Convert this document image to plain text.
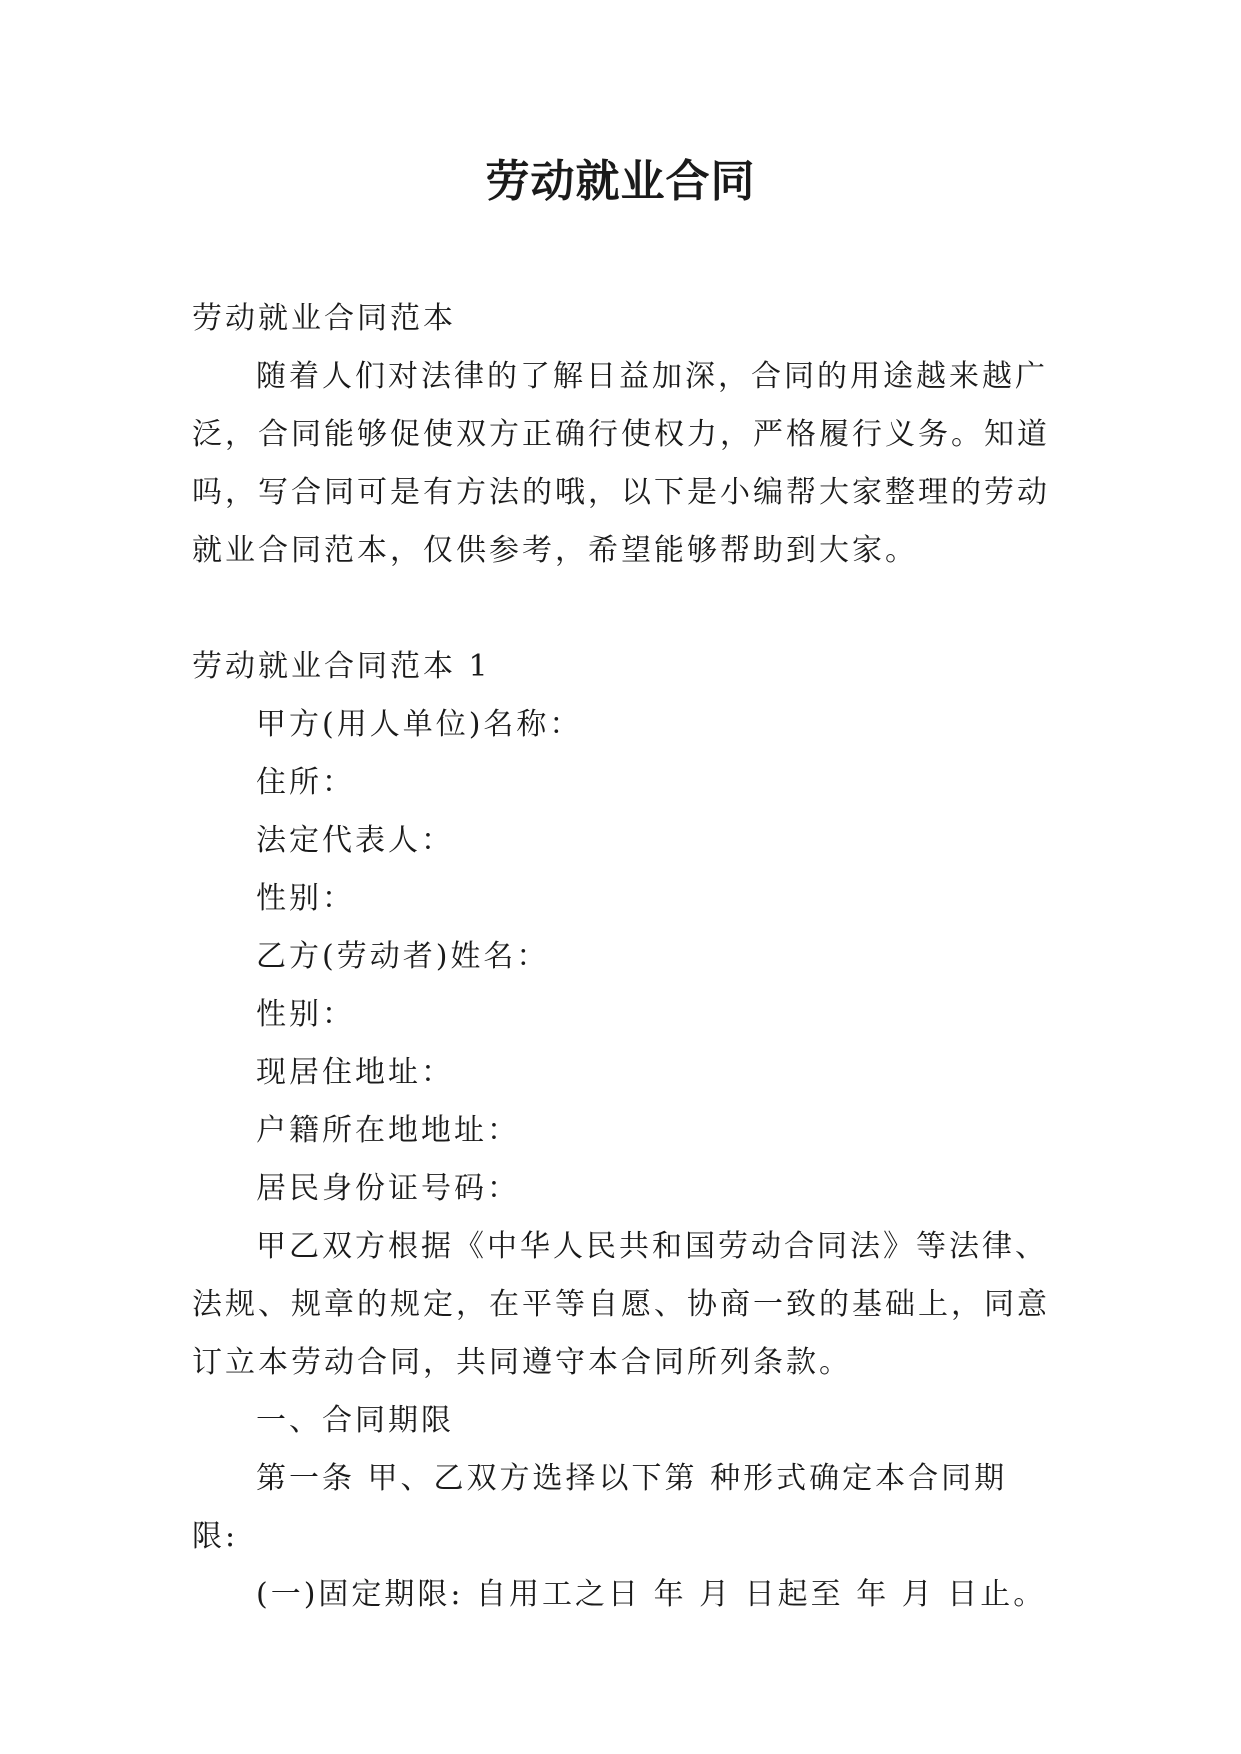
劳动就业合同

劳动就业合同范本

随着人们对法律的了解日益加深，合同的用途越来越广泛，合同能够促使双方正确行使权力，严格履行义务。知道吗，写合同可是有方法的哦，以下是小编帮大家整理的劳动就业合同范本，仅供参考，希望能够帮助到大家。

劳动就业合同范本 1

甲方(用人单位)名称：

住所：

法定代表人：

性别：

乙方(劳动者)姓名：

性别：

现居住地址：

户籍所在地地址：

居民身份证号码：

甲乙双方根据《中华人民共和国劳动合同法》等法律、法规、规章的规定，在平等自愿、协商一致的基础上，同意订立本劳动合同，共同遵守本合同所列条款。

一、合同期限

第一条 甲、乙双方选择以下第 种形式确定本合同期限:

(一)固定期限: 自用工之日 年 月 日起至 年 月 日止。
